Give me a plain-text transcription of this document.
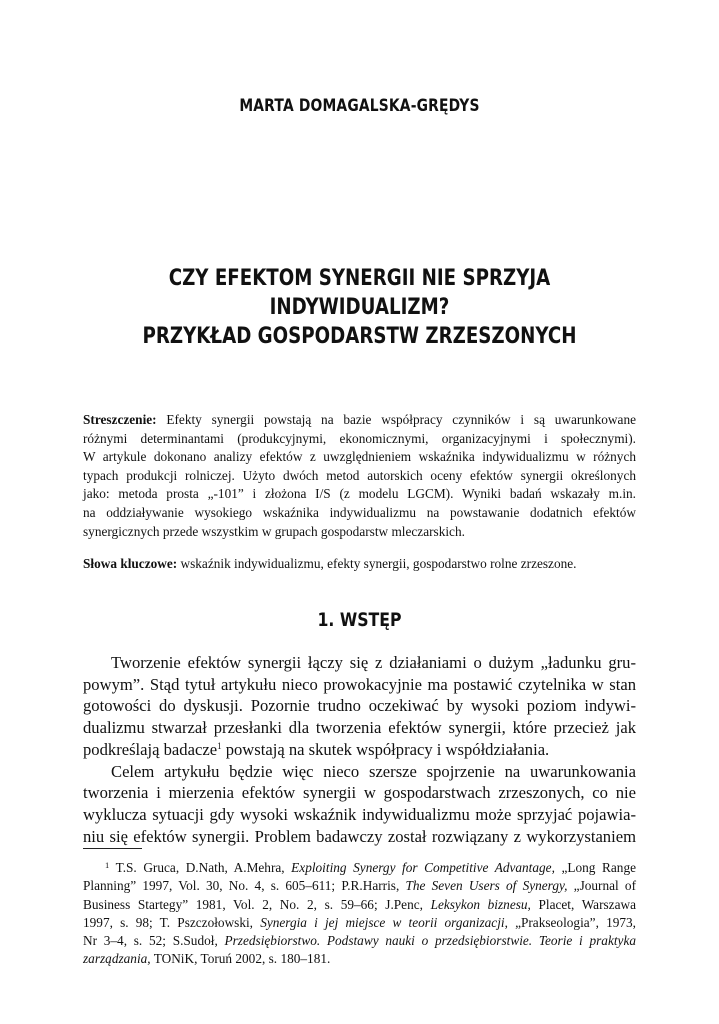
MARTA DOMAGALSKA-GRĘDYS
CZY EFEKTOM SYNERGII NIE SPRZYJA
INDYWIDUALIZM?
PRZYKŁAD GOSPODARSTW ZRZESZONYCH
Streszczenie: Efekty synergii powstają na bazie współpracy czynników i są uwarunkowane
różnymi determinantami (produkcyjnymi, ekonomicznymi, organizacyjnymi i społecznymi).
W artykule dokonano analizy efektów z uwzględnieniem wskaźnika indywidualizmu w różnych
typach produkcji rolniczej. Użyto dwóch metod autorskich oceny efektów synergii określonych
jako: metoda prosta „-101” i złożona I/S (z modelu LGCM). Wyniki badań wskazały m.in.
na oddziaływanie wysokiego wskaźnika indywidualizmu na powstawanie dodatnich efektów
synergicznych przede wszystkim w grupach gospodarstw mleczarskich.
Słowa kluczowe: wskaźnik indywidualizmu, efekty synergii, gospodarstwo rolne zrzeszone.
1. WSTĘP
Tworzenie efektów synergii łączy się z działaniami o dużym „ładunku gru-
powym”. Stąd tytuł artykułu nieco prowokacyjnie ma postawić czytelnika w stan
gotowości do dyskusji. Pozornie trudno oczekiwać by wysoki poziom indywi-
dualizmu stwarzał przesłanki dla tworzenia efektów synergii, które przecież jak
podkreślają badacze$^1$ powstają na skutek współpracy i współdziałania.
Celem artykułu będzie więc nieco szersze spojrzenie na uwarunkowania
tworzenia i mierzenia efektów synergii w gospodarstwach zrzeszonych, co nie
wyklucza sytuacji gdy wysoki wskaźnik indywidualizmu może sprzyjać pojawia-
niu się efektów synergii. Problem badawczy został rozwiązany z wykorzystaniem
$^1$ T.S. Gruca, D.Nath, A.Mehra, Exploiting Synergy for Competitive Advantage, „Long Range
Planning” 1997, Vol. 30, No. 4, s. 605–611; P.R.Harris, The Seven Users of Synergy, „Journal of
Business Startegy” 1981, Vol. 2, No. 2, s. 59–66; J.Penc, Leksykon biznesu, Placet, Warszawa
1997, s. 98; T. Pszczołowski, Synergia i jej miejsce w teorii organizacji, „Prakseologia”, 1973,
Nr 3–4, s. 52; S.Sudoł, Przedsiębiorstwo. Podstawy nauki o przedsiębiorstwie. Teorie i praktyka
zarządzania, TONiK, Toruń 2002, s. 180–181.
